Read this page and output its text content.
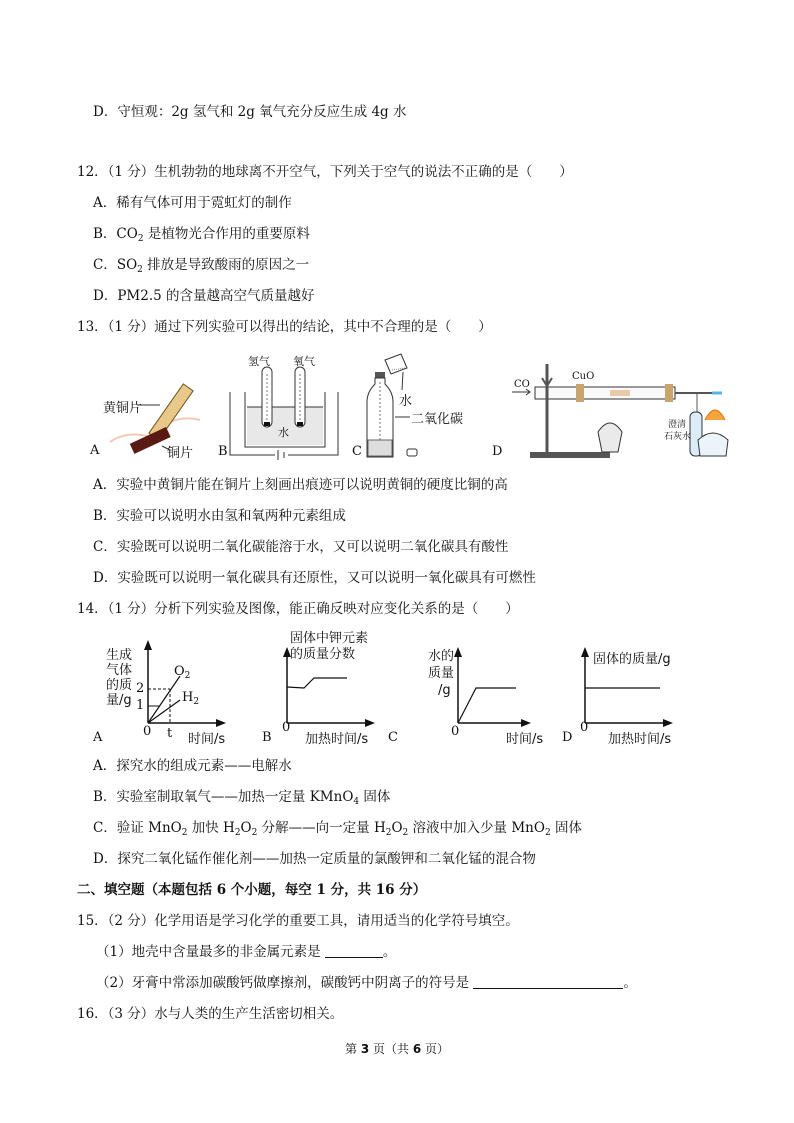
D．守恒观：2g 氢气和 2g 氧气充分反应生成 4g 水
12．（1 分）生机勃勃的地球离不开空气，下列关于空气的说法不正确的是（　　）
A．稀有气体可用于霓虹灯的制作
B．$CO_2$ 是植物光合作用的重要原料
C．$SO_2$ 排放是导致酸雨的原因之一
D．PM2.5 的含量越高空气质量越好
13．（1 分）通过下列实验可以得出的结论，其中不合理的是（　　）
黄铜片
铜片
A
氢气 氧气
水
B
水
二氧化碳
C
CO
CuO
澄清
石灰水
D
A．实验中黄铜片能在铜片上刻画出痕迹可以说明黄铜的硬度比铜的高
B．实验可以说明水由氢和氧两种元素组成
C．实验既可以说明二氧化碳能溶于水，又可以说明二氧化碳具有酸性
D．实验既可以说明一氧化碳具有还原性，又可以说明一氧化碳具有可燃性
14．（1 分）分析下列实验及图像，能正确反映对应变化关系的是（　　）
生成
气体
的质
量/g
2
1
$O_2$
$H_2$
0 t 时间/s
A
固体中钾元素
的质量分数
0
加热时间/s
B
水的
质量
/g
0
时间/s
C
固体的质量/g
0
加热时间/s
D
A．探究水的组成元素——电解水
B．实验室制取氧气——加热一定量 KMnO$_4$ 固体
C．验证 MnO$_2$ 加快 $H_2O_2$ 分解——向一定量 $H_2O_2$ 溶液中加入少量 MnO$_2$ 固体
D．探究二氧化锰作催化剂——加热一定质量的氯酸钾和二氧化锰的混合物
二、填空题（本题包括 6 个小题，每空 1 分，共 16 分）
15．（2 分）化学用语是学习化学的重要工具，请用适当的化学符号填空。
（1）地壳中含量最多的非金属元素是	。
（2）牙膏中常添加碳酸钙做摩擦剂，碳酸钙中阴离子的符号是	。
16．（3 分）水与人类的生产生活密切相关。
第 3 页（共 6 页）
